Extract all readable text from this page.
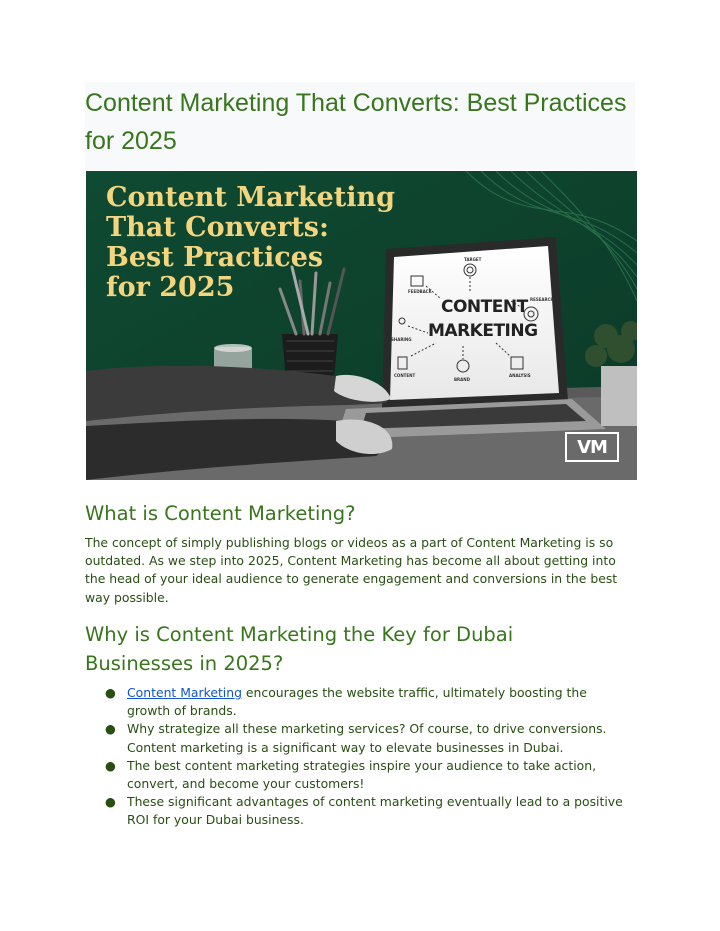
Content Marketing That Converts: Best Practices for 2025
Content Marketing
That Converts:
Best Practices
for 2025
CONTENT
MARKETING
TARGET
FEEDBACK
RESEARCH
SHARING
CONTENT
BRAND
ANALYSIS
VM
What is Content Marketing?

The concept of simply publishing blogs or videos as a part of Content Marketing is so outdated. As we step into 2025, Content Marketing has become all about getting into the head of your ideal audience to generate engagement and conversions in the best way possible.

Why is Content Marketing the Key for Dubai Businesses in 2025?
● Content Marketing encourages the website traffic, ultimately boosting the growth of brands.
● Why strategize all these marketing services? Of course, to drive conversions. Content marketing is a significant way to elevate businesses in Dubai.
● The best content marketing strategies inspire your audience to take action, convert, and become your customers!
● These significant advantages of content marketing eventually lead to a positive ROI for your Dubai business.
